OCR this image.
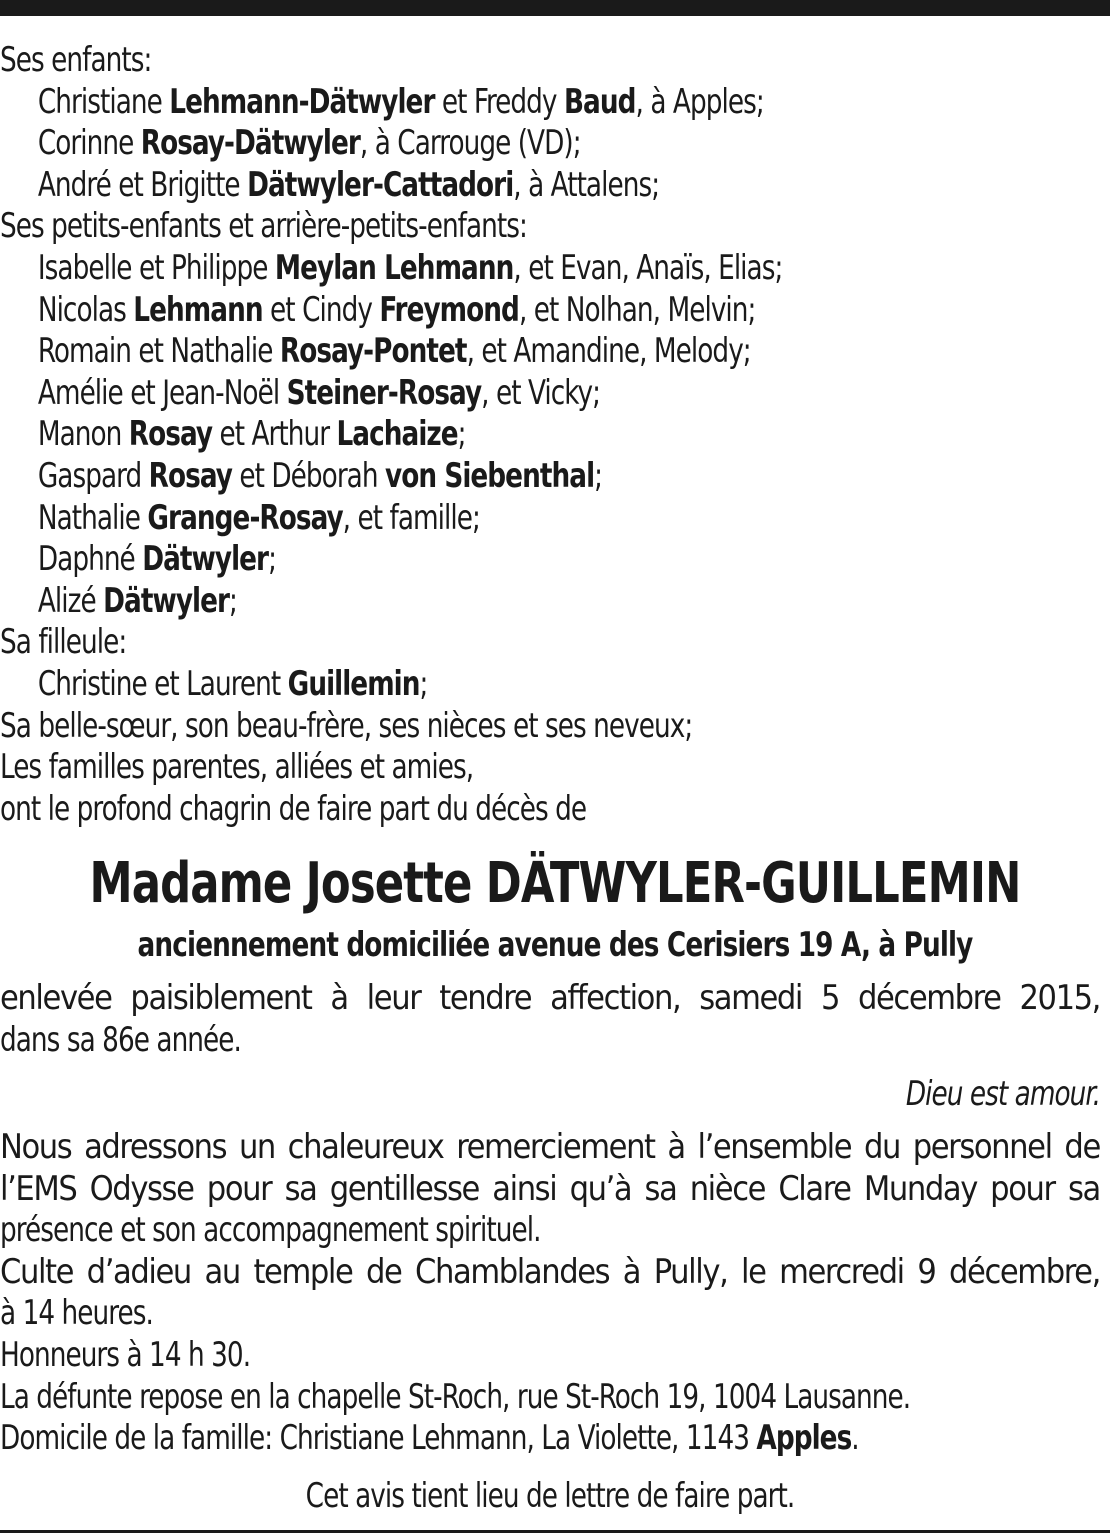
Ses enfants:
Christiane Lehmann-Dätwyler et Freddy Baud, à Apples;
Corinne Rosay-Dätwyler, à Carrouge (VD);
André et Brigitte Dätwyler-Cattadori, à Attalens;
Ses petits-enfants et arrière-petits-enfants:
Isabelle et Philippe Meylan Lehmann, et Evan, Anaïs, Elias;
Nicolas Lehmann et Cindy Freymond, et Nolhan, Melvin;
Romain et Nathalie Rosay-Pontet, et Amandine, Melody;
Amélie et Jean-Noël Steiner-Rosay, et Vicky;
Manon Rosay et Arthur Lachaize;
Gaspard Rosay et Déborah von Siebenthal;
Nathalie Grange-Rosay, et famille;
Daphné Dätwyler;
Alizé Dätwyler;
Sa filleule:
Christine et Laurent Guillemin;
Sa belle-sœur, son beau-frère, ses nièces et ses neveux;
Les familles parentes, alliées et amies,
ont le profond chagrin de faire part du décès de
Madame Josette DÄTWYLER-GUILLEMIN
anciennement domiciliée avenue des Cerisiers 19 A, à Pully
enlevée paisiblement à leur tendre affection, samedi 5 décembre 2015,
dans sa 86e année.
Dieu est amour.
Nous adressons un chaleureux remerciement à l’ensemble du personnel de
l’EMS Odysse pour sa gentillesse ainsi qu’à sa nièce Clare Munday pour sa
présence et son accompagnement spirituel.
Culte d’adieu au temple de Chamblandes à Pully, le mercredi 9 décembre,
à 14 heures.
Honneurs à 14 h 30.
La défunte repose en la chapelle St-Roch, rue St-Roch 19, 1004 Lausanne.
Domicile de la famille: Christiane Lehmann, La Violette, 1143 Apples.
Cet avis tient lieu de lettre de faire part.
